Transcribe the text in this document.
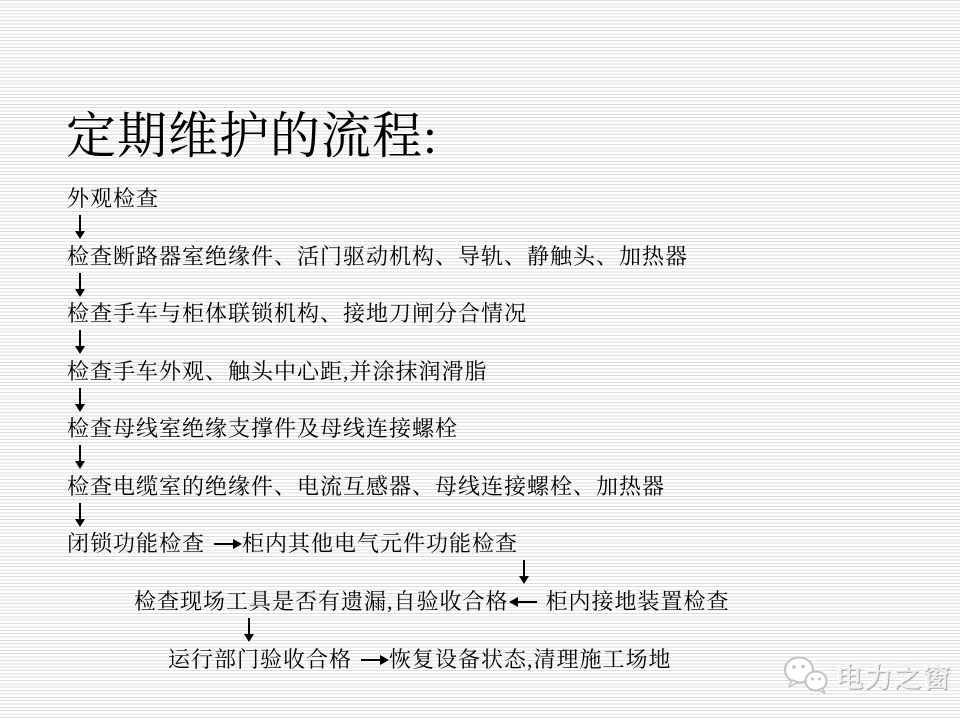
定期维护的流程:
外观检查
检查断路器室绝缘件、活门驱动机构、导轨、静触头、加热器
检查手车与柜体联锁机构、接地刀闸分合情况
检查手车外观、触头中心距,并涂抹润滑脂
检查母线室绝缘支撑件及母线连接螺栓
检查电缆室的绝缘件、电流互感器、母线连接螺栓、加热器
闭锁功能检查 柜内其他电气元件功能检查
检查现场工具是否有遗漏,自验收合格 柜内接地装置检查
运行部门验收合格 恢复设备状态,清理施工场地
电力之窗
